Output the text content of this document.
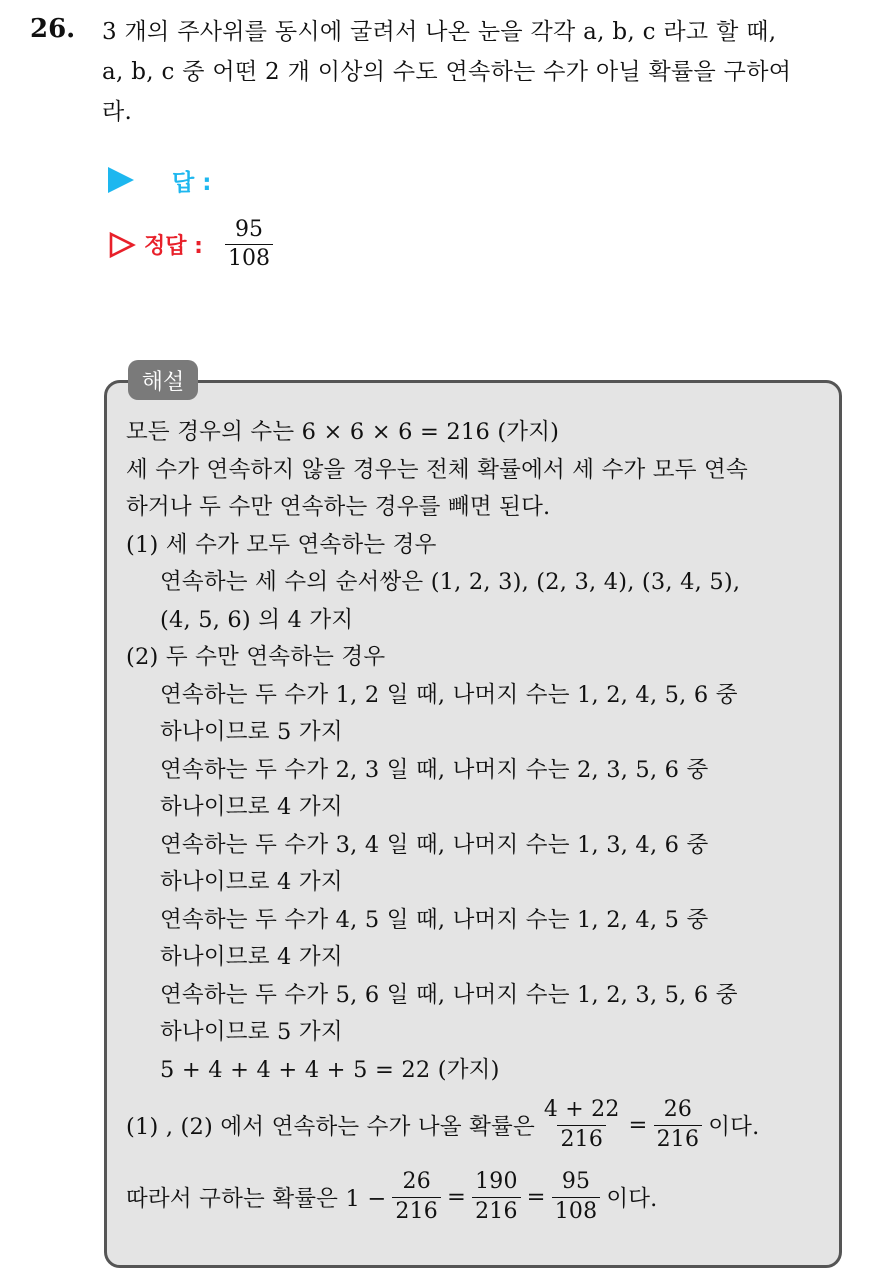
26. 3 개의 주사위를 동시에 굴려서 나온 눈을 각각 a, b, c 라고 할 때,
a, b, c 중 어떤 2 개 이상의 수도 연속하는 수가 아닐 확률을 구하여
라.
답 :
정답 : $\frac{95}{108}$
해설
모든 경우의 수는 6 × 6 × 6 = 216 (가지)
세 수가 연속하지 않을 경우는 전체 확률에서 세 수가 모두 연속
하거나 두 수만 연속하는 경우를 빼면 된다.
(1) 세 수가 모두 연속하는 경우
연속하는 세 수의 순서쌍은 (1, 2, 3), (2, 3, 4), (3, 4, 5),
(4, 5, 6) 의 4 가지
(2) 두 수만 연속하는 경우
연속하는 두 수가 1, 2 일 때, 나머지 수는 1, 2, 4, 5, 6 중
하나이므로 5 가지
연속하는 두 수가 2, 3 일 때, 나머지 수는 2, 3, 5, 6 중
하나이므로 4 가지
연속하는 두 수가 3, 4 일 때, 나머지 수는 1, 3, 4, 6 중
하나이므로 4 가지
연속하는 두 수가 4, 5 일 때, 나머지 수는 1, 2, 4, 5 중
하나이므로 4 가지
연속하는 두 수가 5, 6 일 때, 나머지 수는 1, 2, 3, 5, 6 중
하나이므로 5 가지
5 + 4 + 4 + 4 + 5 = 22 (가지)
(1) , (2) 에서 연속하는 수가 나올 확률은 $\frac{4 + 22}{216} = \frac{26}{216}$ 이다.
따라서 구하는 확률은 $1 - \frac{26}{216} = \frac{190}{216} = \frac{95}{108}$ 이다.
